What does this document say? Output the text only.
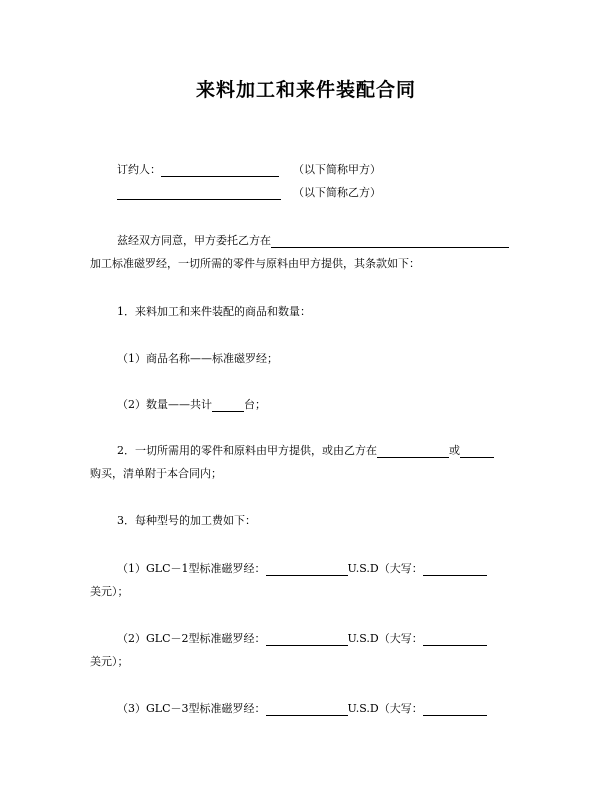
来料加工和来件装配合同
订约人：	（以下简称甲方）
（以下简称乙方）
兹经双方同意，甲方委托乙方在
加工标准磁罗经，一切所需的零件与原料由甲方提供，其条款如下：
1．来料加工和来件装配的商品和数量：
（1）商品名称——标准磁罗经；
（2）数量——共计	台；
2．一切所需用的零件和原料由甲方提供，或由乙方在	或
购买，清单附于本合同内；
3．每种型号的加工费如下：
（1）GLC－1型标准磁罗经：	U.S.D（大写：
美元）；
（2）GLC－2型标准磁罗经：	U.S.D（大写：
美元）；
（3）GLC－3型标准磁罗经：	U.S.D（大写：
